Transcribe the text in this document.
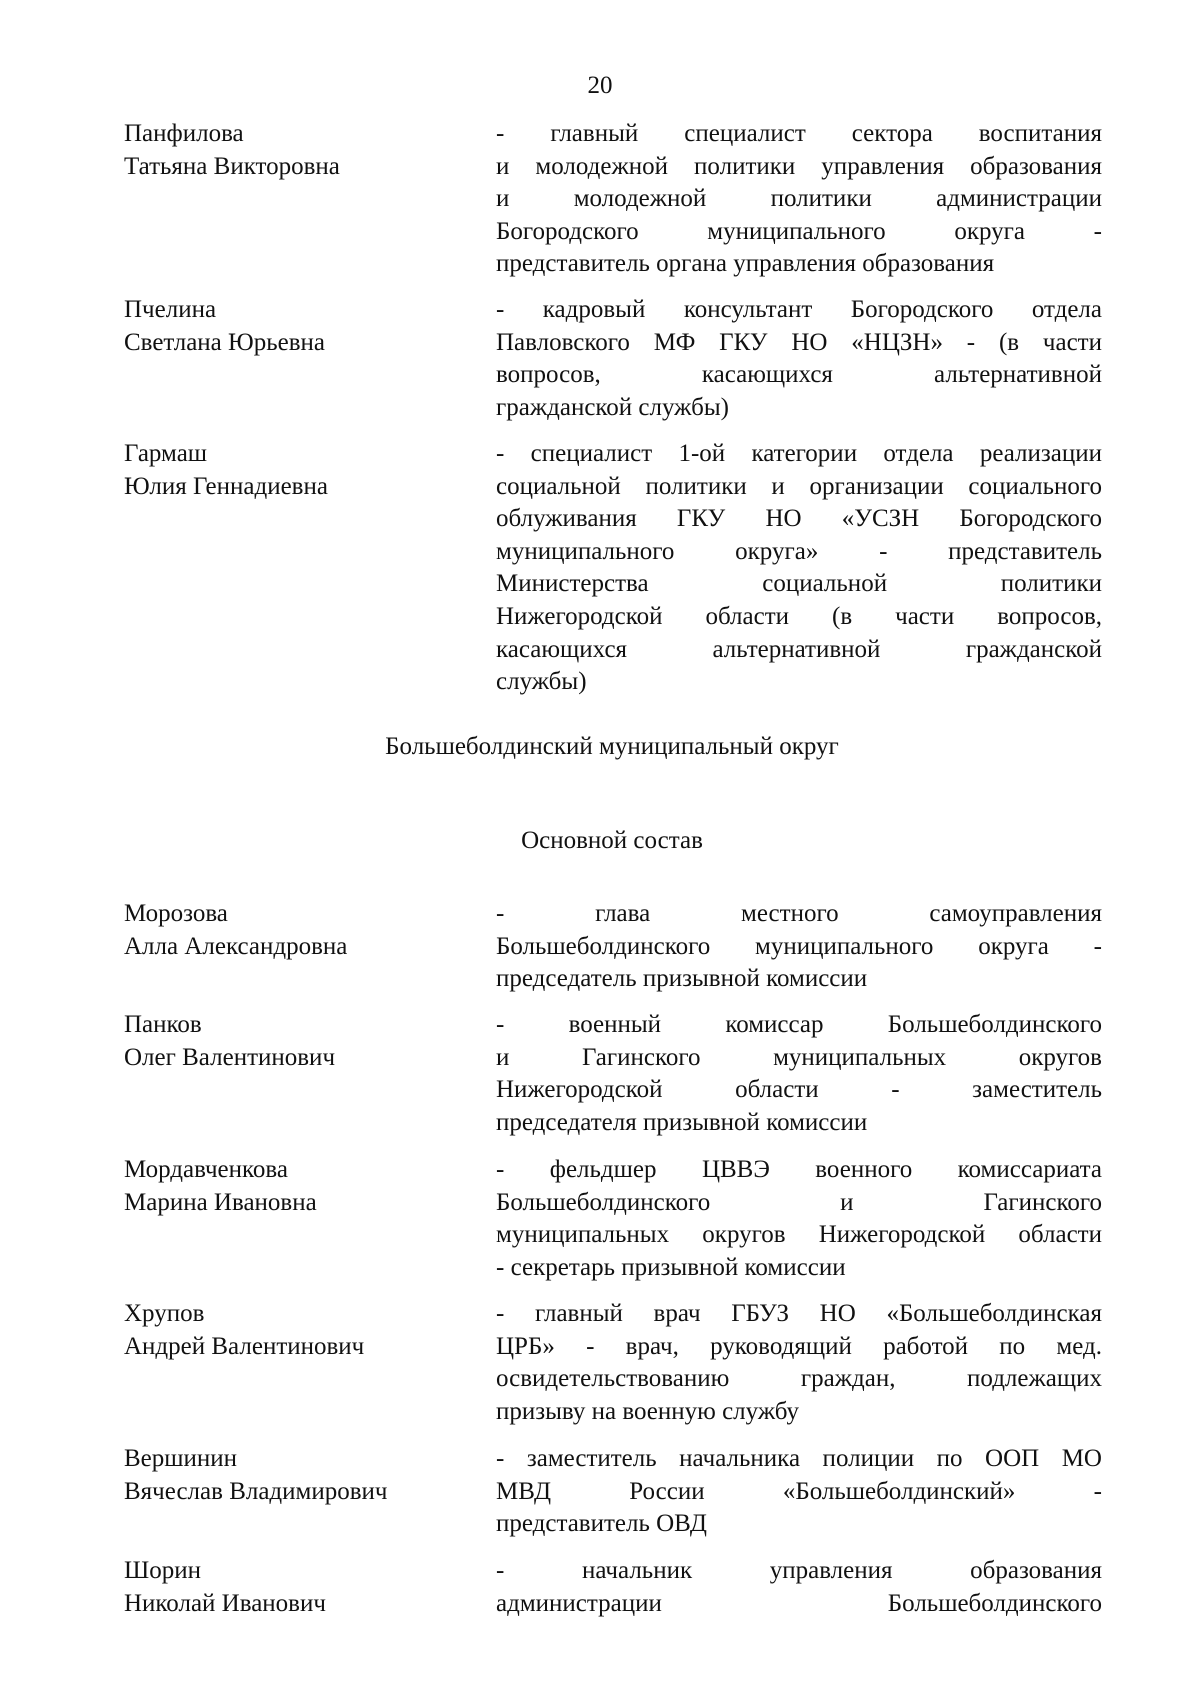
20
Панфилова
Татьяна Викторовна
- главный специалист сектора воспитания
и молодежной политики управления образования
и молодежной политики администрации
Богородского муниципального округа -
представитель органа управления образования
Пчелина
Светлана Юрьевна
- кадровый консультант Богородского отдела
Павловского МФ ГКУ НО «НЦЗН» - (в части
вопросов, касающихся альтернативной
гражданской службы)
Гармаш
Юлия Геннадиевна
- специалист 1-ой категории отдела реализации
социальной политики и организации социального
облуживания ГКУ НО «УСЗН Богородского
муниципального округа» - представитель
Министерства социальной политики
Нижегородской области (в части вопросов,
касающихся альтернативной гражданской
службы)
Большеболдинский муниципальный округ
Основной состав
Морозова
Алла Александровна
- глава местного самоуправления
Большеболдинского муниципального округа -
председатель призывной комиссии
Панков
Олег Валентинович
- военный комиссар Большеболдинского
и Гагинского муниципальных округов
Нижегородской области - заместитель
председателя призывной комиссии
Мордавченкова
Марина Ивановна
- фельдшер ЦВВЭ военного комиссариата
Большеболдинского и Гагинского
муниципальных округов Нижегородской области
- секретарь призывной комиссии
Хрупов
Андрей Валентинович
- главный врач ГБУЗ НО «Большеболдинская
ЦРБ» - врач, руководящий работой по мед.
освидетельствованию граждан, подлежащих
призыву на военную службу
Вершинин
Вячеслав Владимирович
- заместитель начальника полиции по ООП МО
МВД России «Большеболдинский» -
представитель ОВД
Шорин
Николай Иванович
- начальник управления образования
администрации Большеболдинского
